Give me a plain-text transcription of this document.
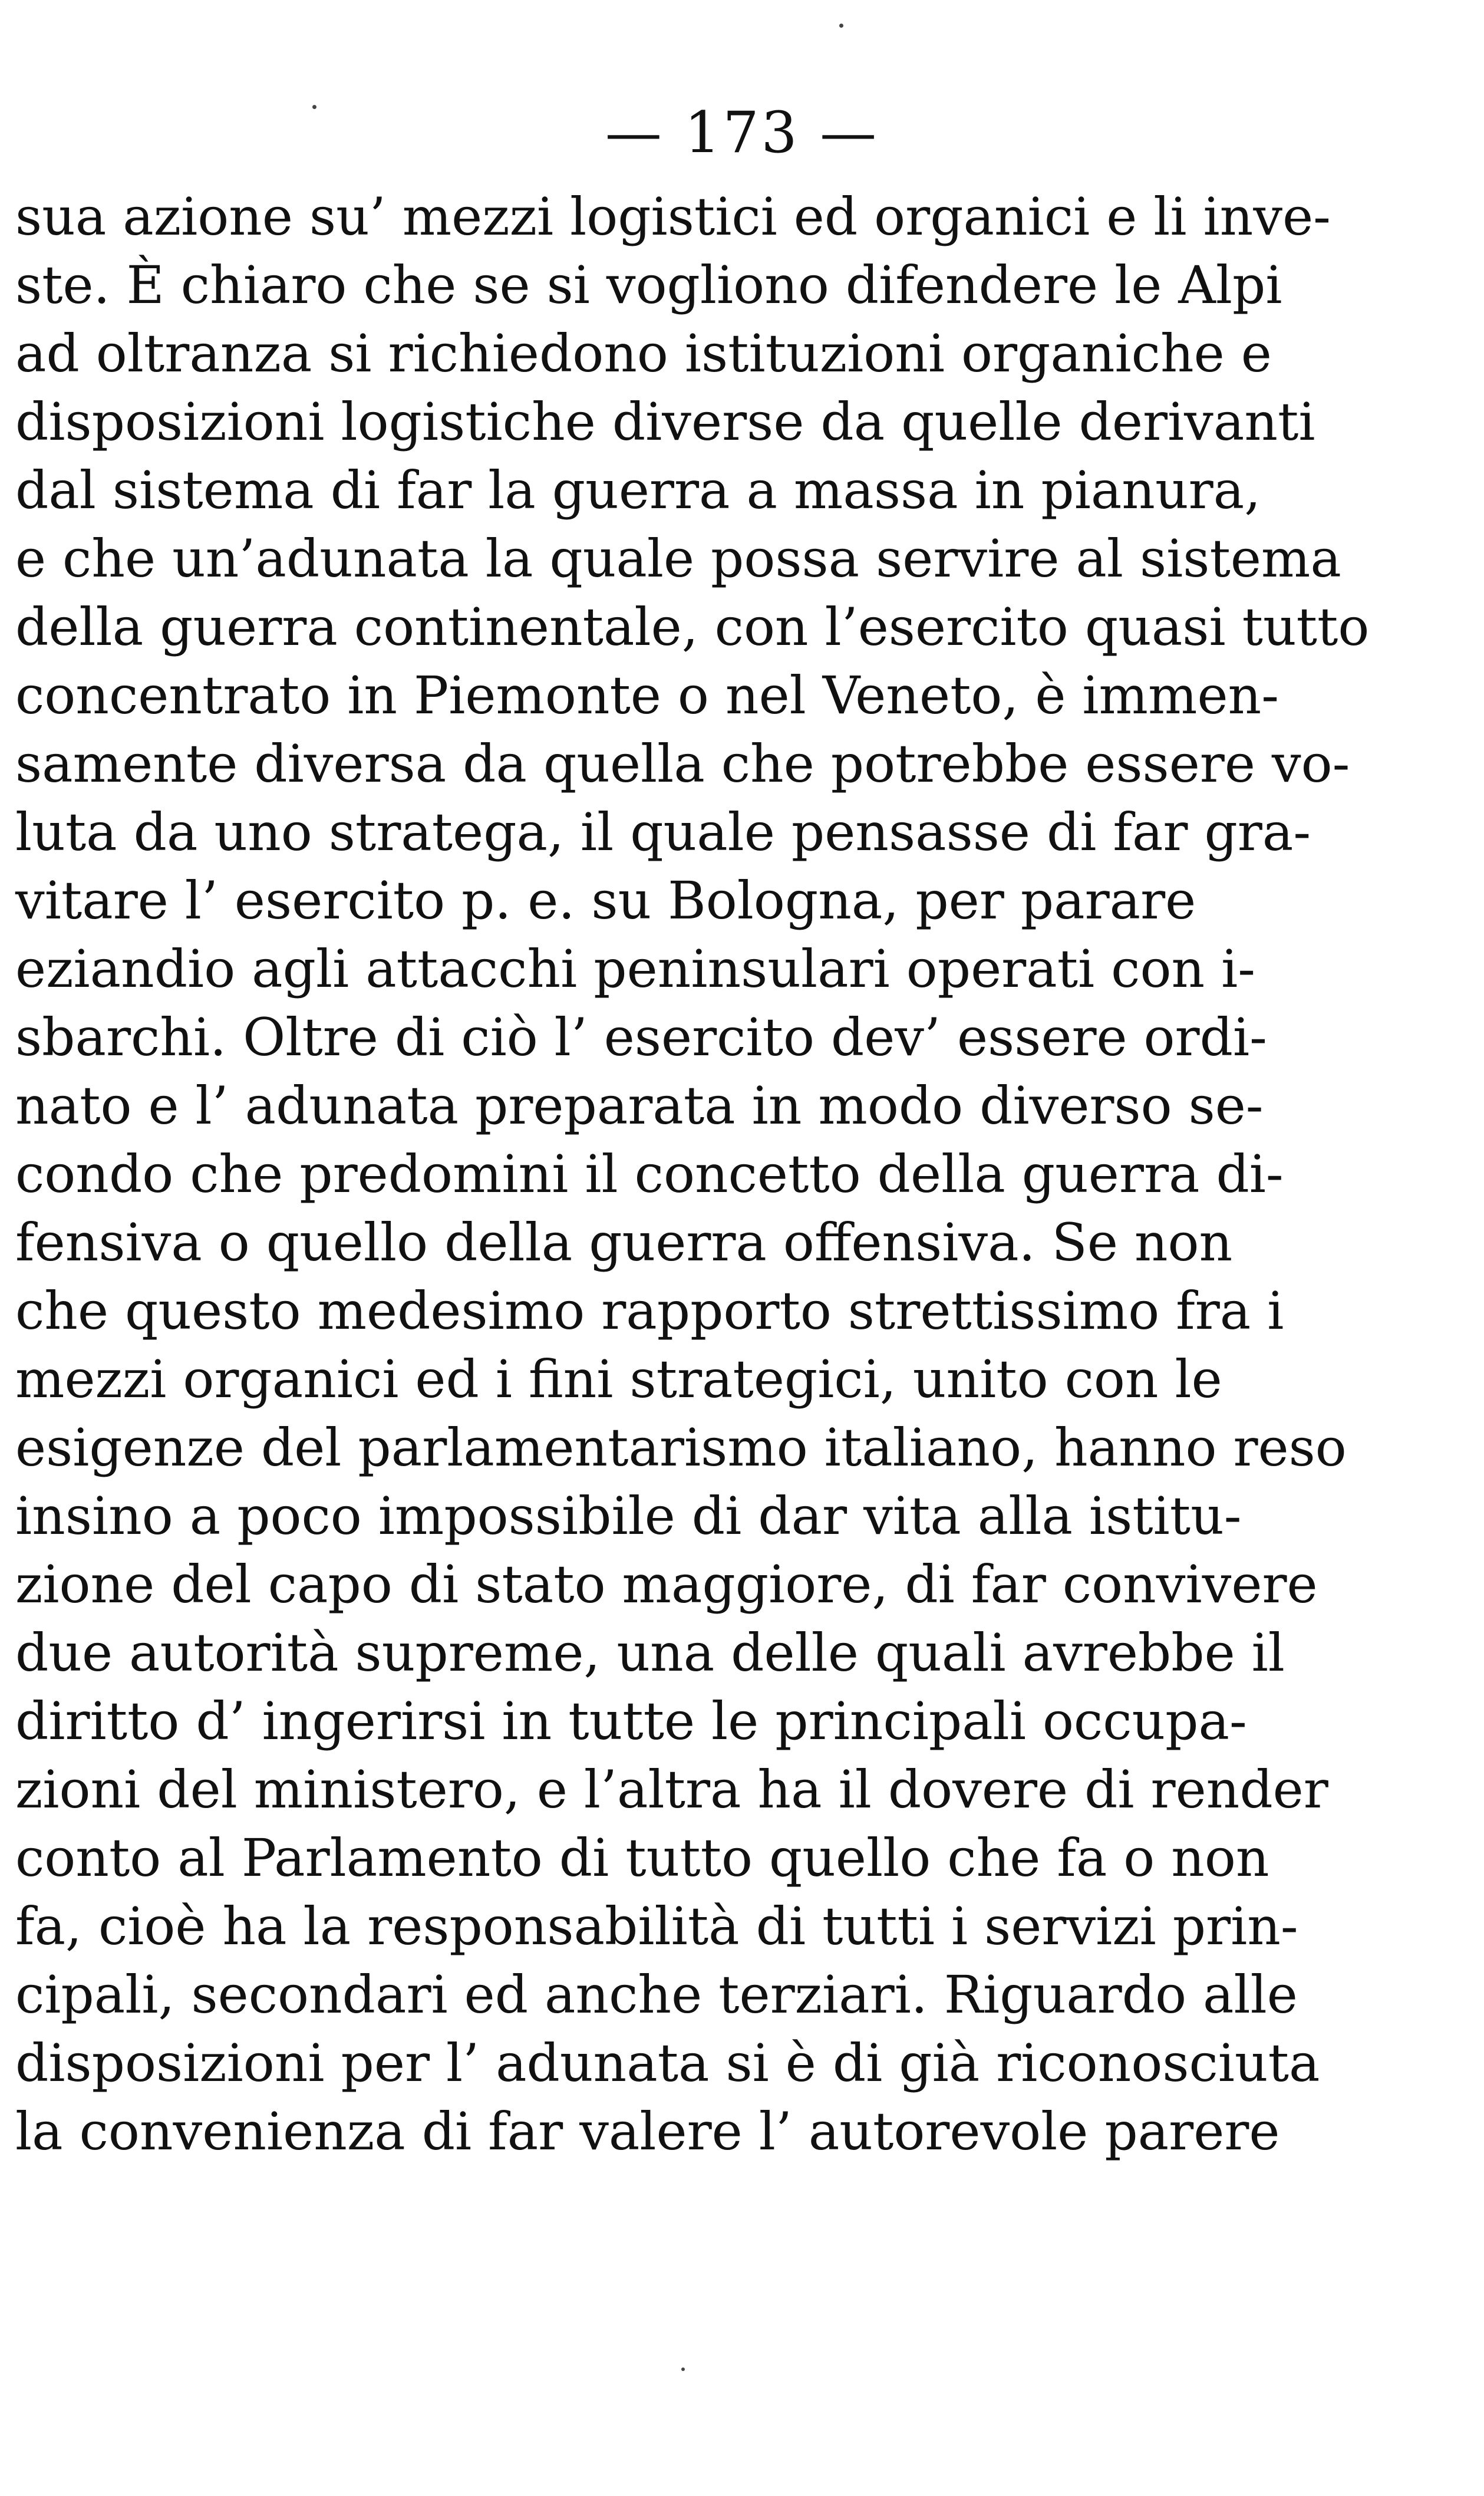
— 173 —
sua azione su’ mezzi logistici ed organici e li inve-
ste. È chiaro che se si vogliono difendere le Alpi
ad oltranza si richiedono istituzioni organiche e
disposizioni logistiche diverse da quelle derivanti
dal sistema di far la guerra a massa in pianura,
e che un’adunata la quale possa servire al sistema
della guerra continentale, con l’esercito quasi tutto
concentrato in Piemonte o nel Veneto, è immen-
samente diversa da quella che potrebbe essere vo-
luta da uno stratega, il quale pensasse di far gra-
vitare l’ esercito p. e. su Bologna, per parare
eziandio agli attacchi peninsulari operati con i-
sbarchi. Oltre di ciò l’ esercito dev’ essere ordi-
nato e l’ adunata preparata in modo diverso se-
condo che predomini il concetto della guerra di-
fensiva o quello della guerra offensiva. Se non
che questo medesimo rapporto strettissimo fra i
mezzi organici ed i fini strategici, unito con le
esigenze del parlamentarismo italiano, hanno reso
insino a poco impossibile di dar vita alla istitu-
zione del capo di stato maggiore, di far convivere
due autorità supreme, una delle quali avrebbe il
diritto d’ ingerirsi in tutte le principali occupa-
zioni del ministero, e l’altra ha il dovere di render
conto al Parlamento di tutto quello che fa o non
fa, cioè ha la responsabilità di tutti i servizi prin-
cipali, secondari ed anche terziari. Riguardo alle
disposizioni per l’ adunata si è di già riconosciuta
la convenienza di far valere l’ autorevole parere
